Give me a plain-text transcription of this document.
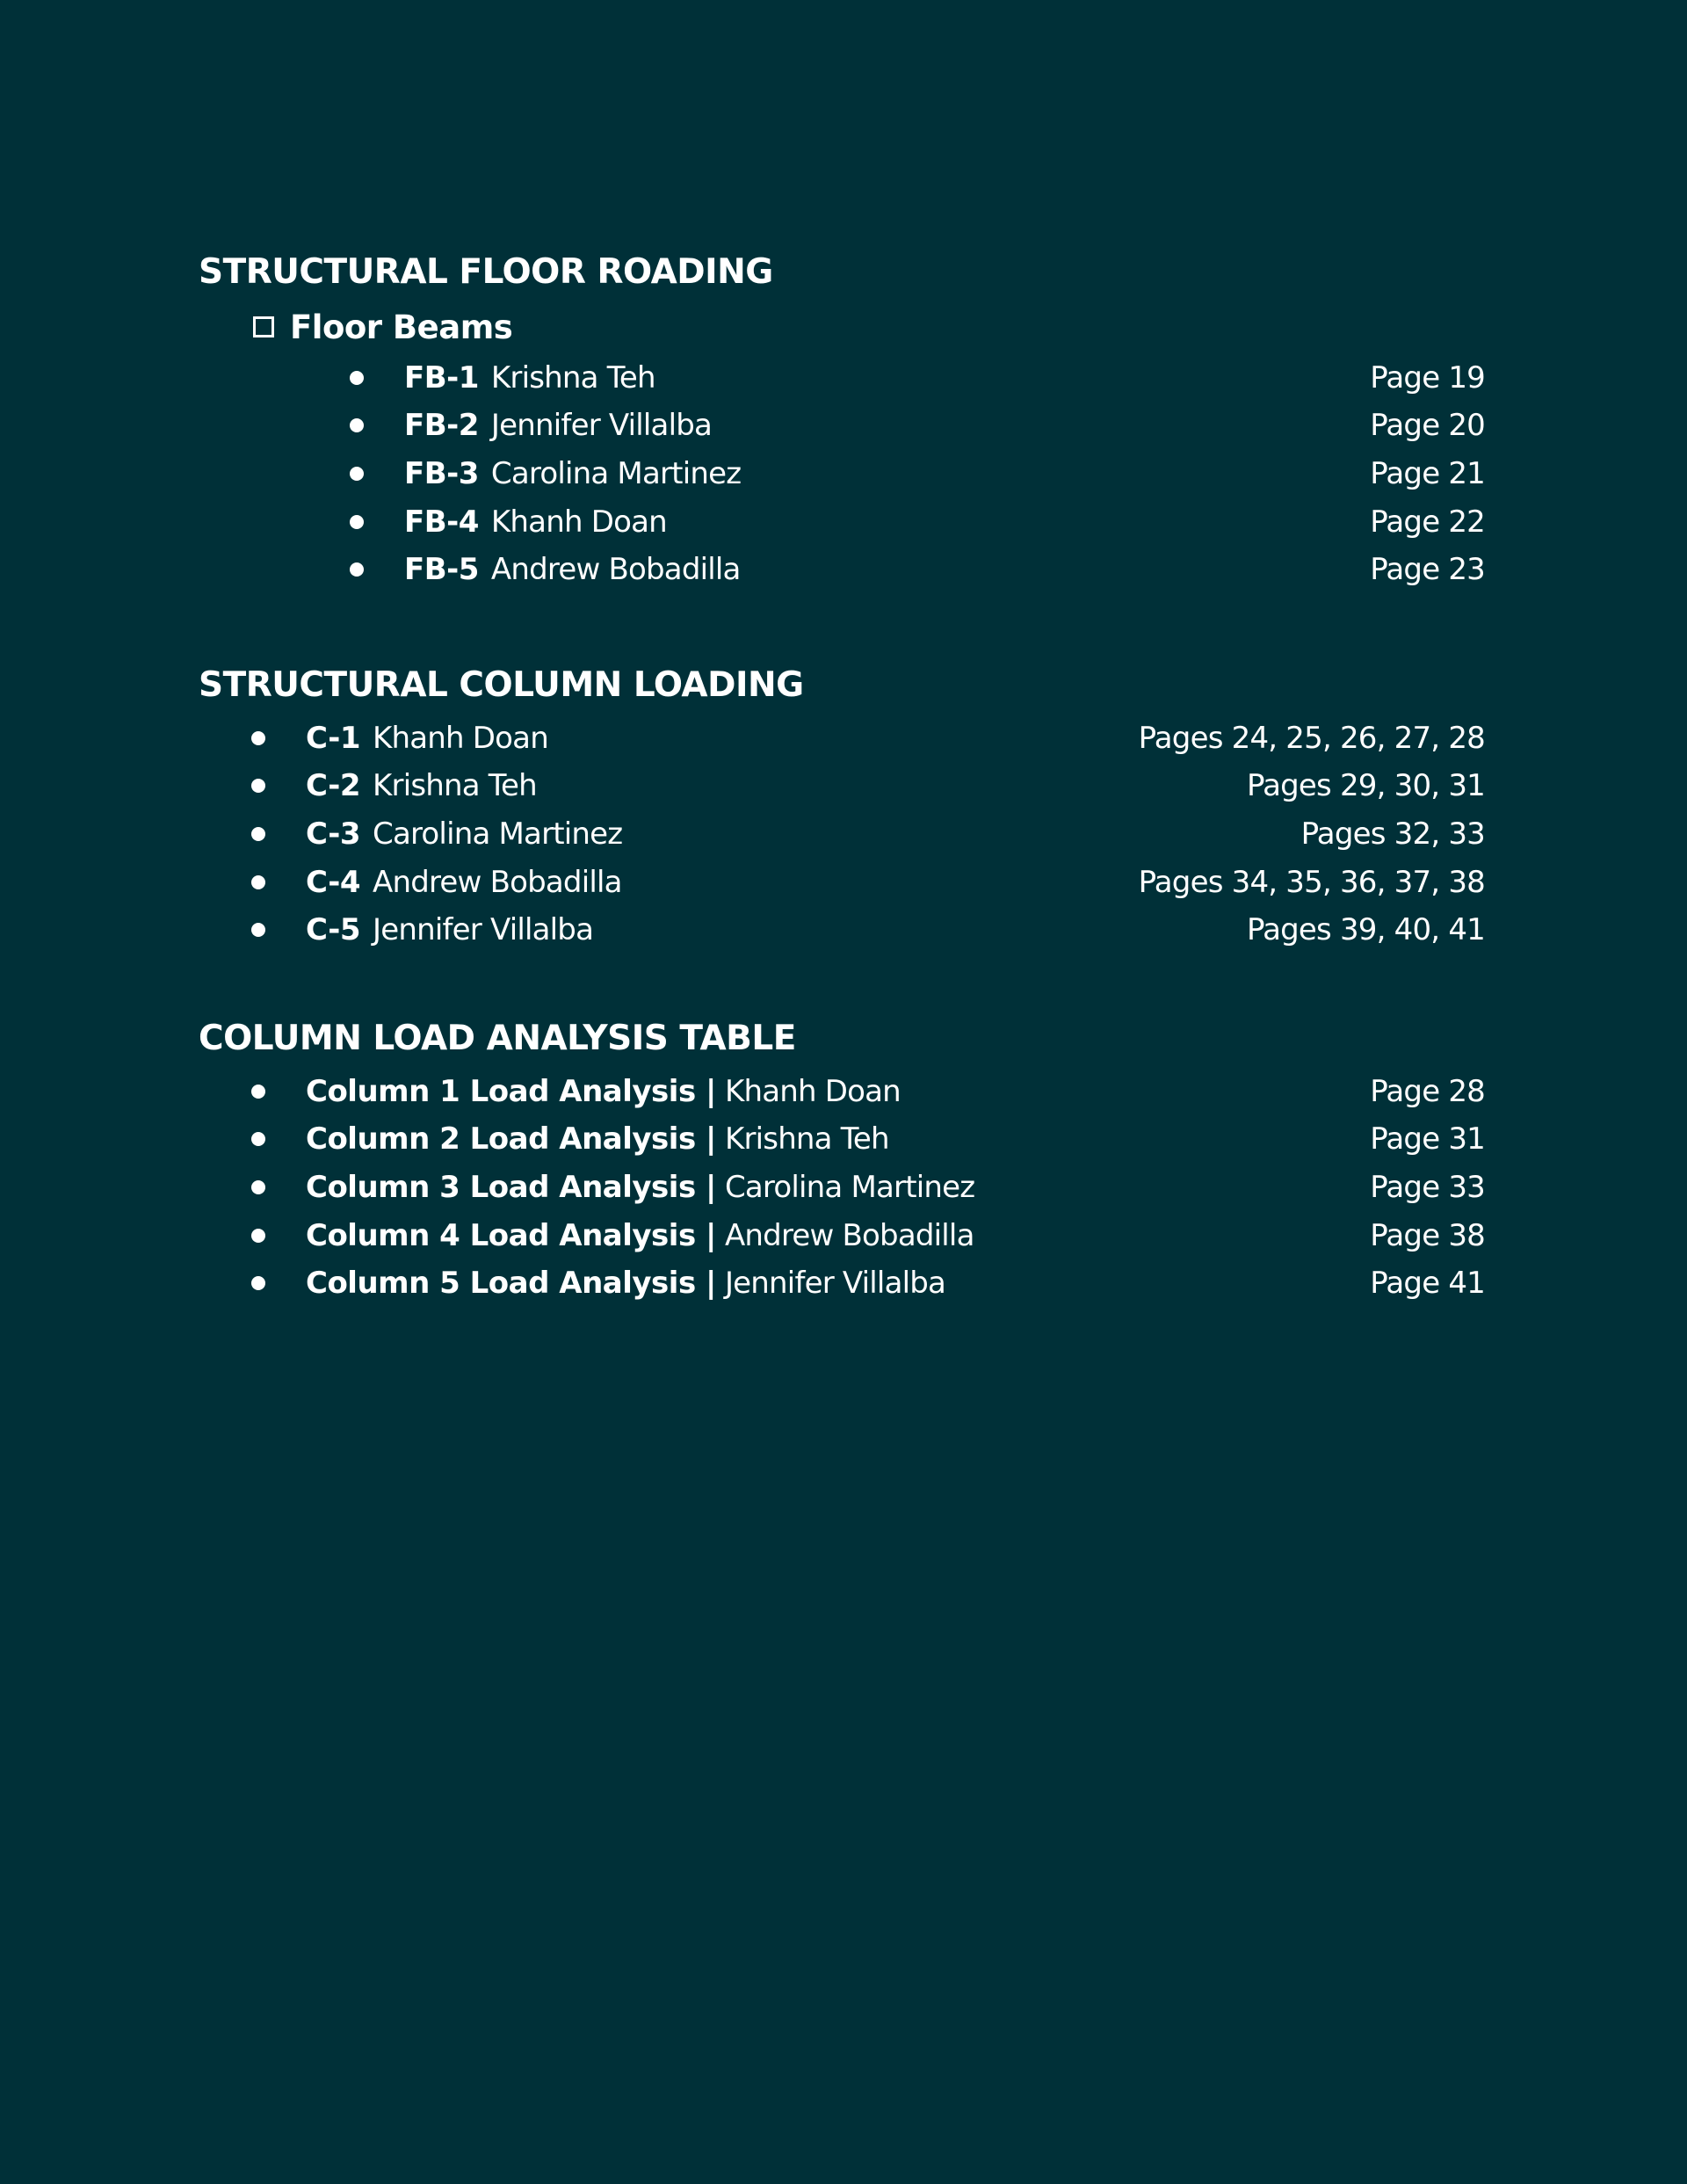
STRUCTURAL FLOOR ROADING
Floor Beams
FB-1 Krishna Teh	Page 19
FB-2 Jennifer Villalba	Page 20
FB-3 Carolina Martinez	Page 21
FB-4 Khanh Doan	Page 22
FB-5 Andrew Bobadilla	Page 23
STRUCTURAL COLUMN LOADING
C-1 Khanh Doan	Pages 24, 25, 26, 27, 28
C-2 Krishna Teh	Pages 29, 30, 31
C-3 Carolina Martinez	Pages 32, 33
C-4 Andrew Bobadilla	Pages 34, 35, 36, 37, 38
C-5 Jennifer Villalba	Pages 39, 40, 41
COLUMN LOAD ANALYSIS TABLE
Column 1 Load Analysis | Khanh Doan	Page 28
Column 2 Load Analysis | Krishna Teh	Page 31
Column 3 Load Analysis | Carolina Martinez	Page 33
Column 4 Load Analysis | Andrew Bobadilla	Page 38
Column 5 Load Analysis | Jennifer Villalba	Page 41
